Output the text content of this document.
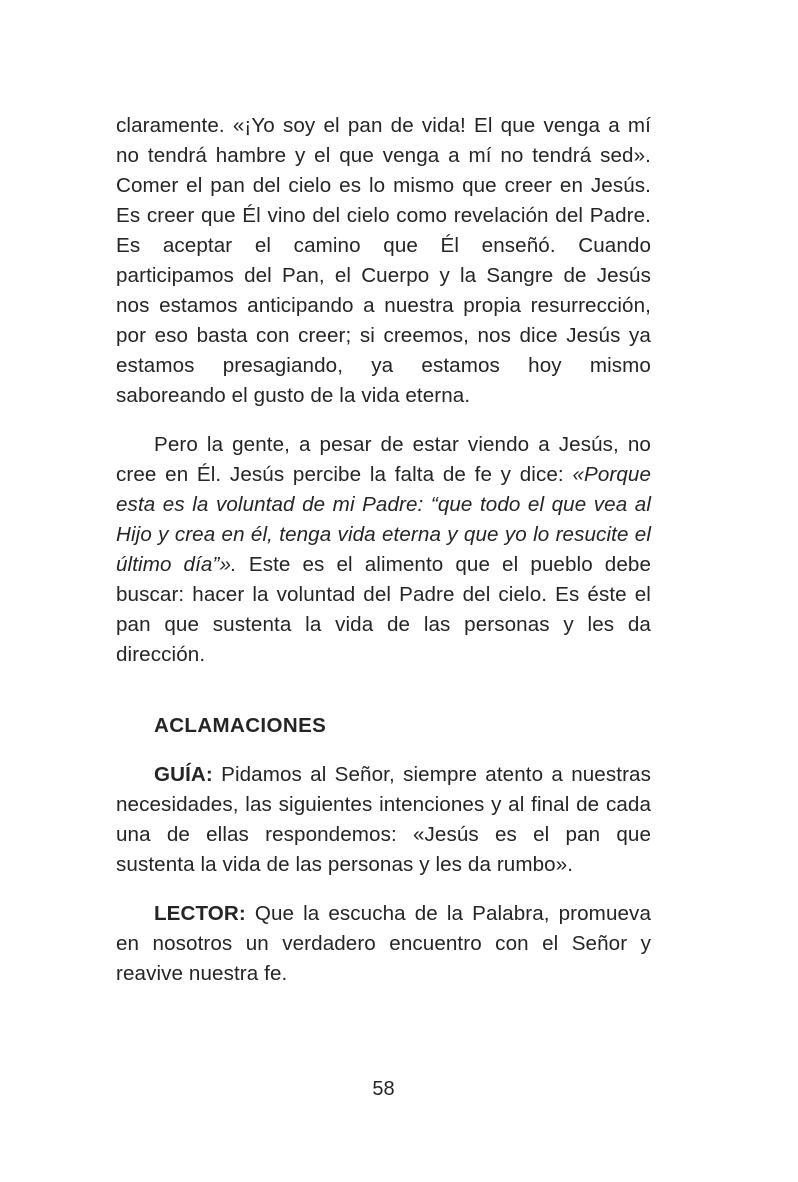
claramente. «¡Yo soy el pan de vida! El que venga a mí no tendrá hambre y el que venga a mí no tendrá sed». Comer el pan del cielo es lo mismo que creer en Jesús. Es creer que Él vino del cielo como revelación del Padre. Es aceptar el camino que Él enseñó. Cuando participamos del Pan, el Cuerpo y la Sangre de Jesús nos estamos anticipando a nuestra propia resurrección, por eso basta con creer; si creemos, nos dice Jesús ya estamos presagiando, ya estamos hoy mismo saboreando el gusto de la vida eterna.

Pero la gente, a pesar de estar viendo a Jesús, no cree en Él. Jesús percibe la falta de fe y dice: «Porque esta es la voluntad de mi Padre: “que todo el que vea al Hijo y crea en él, tenga vida eterna y que yo lo resucite el último día”». Este es el alimento que el pueblo debe buscar: hacer la voluntad del Padre del cielo. Es éste el pan que sustenta la vida de las personas y les da dirección.

ACLAMACIONES

GUÍA: Pidamos al Señor, siempre atento a nuestras necesidades, las siguientes intenciones y al final de cada una de ellas respondemos: «Jesús es el pan que sustenta la vida de las personas y les da rumbo».

LECTOR: Que la escucha de la Palabra, promueva en nosotros un verdadero encuentro con el Señor y reavive nuestra fe.

58
